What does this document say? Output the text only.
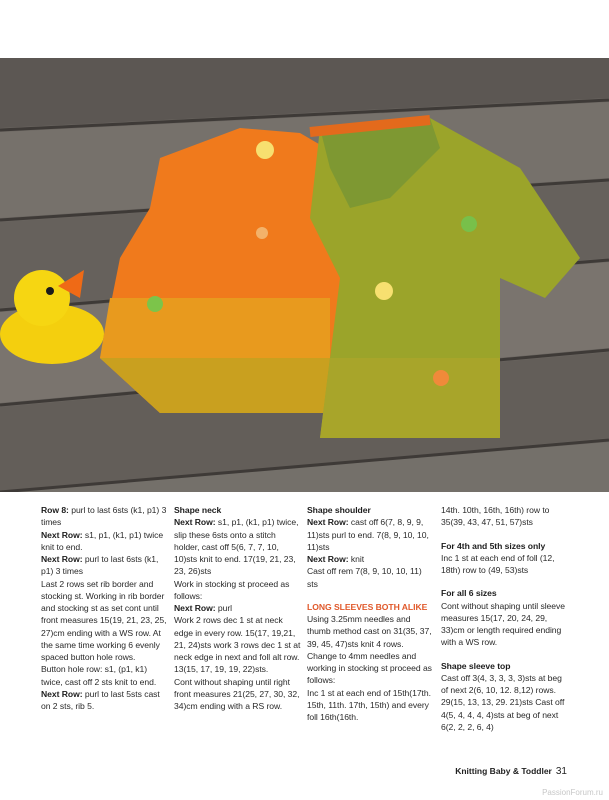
Row 8: purl to last 6sts (k1, p1) 3 times

Next Row: s1, p1, (k1, p1) twice knit to end.

Next Row: purl to last 6sts (k1, p1) 3 times

Last 2 rows set rib border and stocking st. Working in rib border and stocking st as set cont until front measures 15(19, 21, 23, 25, 27)cm ending with a WS row. At the same time working 6 evenly spaced button hole rows.

Button hole row: s1, (p1, k1) twice, cast off 2 sts knit to end.

Next Row: purl to last 5sts cast on 2 sts, rib 5.

Shape neck

Next Row: s1, p1, (k1, p1) twice, slip these 6sts onto a stitch holder, cast off 5(6, 7, 7, 10, 10)sts knit to end. 17(19, 21, 23, 23, 26)sts

Work in stocking st proceed as follows:

Next Row: purl

Work 2 rows dec 1 st at neck edge in every row. 15(17, 19,21, 21, 24)sts work 3 rows dec 1 st at neck edge in next and foll alt row. 13(15, 17, 19, 19, 22)sts.

Cont without shaping until right front measures 21(25, 27, 30, 32, 34)cm ending with a RS row.

Shape shoulder

Next Row: cast off 6(7, 8, 9, 9, 11)sts purl to end. 7(8, 9, 10, 10, 11)sts

Next Row: knit

Cast off rem 7(8, 9, 10, 10, 11) sts

LONG SLEEVES BOTH ALIKE

Using 3.25mm needles and thumb method cast on 31(35, 37, 39, 45, 47)sts knit 4 rows. Change to 4mm needles and working in stocking st proceed as follows:

Inc 1 st at each end of 15th(17th. 15th, 11th. 17th, 15th) and every foll 16th(16th.

14th. 10th, 16th, 16th) row to 35(39, 43, 47, 51, 57)sts

For 4th and 5th sizes only

Inc 1 st at each end of foll (12, 18th) row to (49, 53)sts

For all 6 sizes

Cont without shaping until sleeve measures 15(17, 20, 24, 29, 33)cm or length required ending with a WS row.

Shape sleeve top

Cast off 3(4, 3, 3, 3, 3)sts at beg of next 2(6, 10, 12. 8,12) rows. 29(15, 13, 13, 29. 21)sts Cast off 4(5, 4, 4, 4, 4)sts at beg of next 6(2, 2, 2, 6, 4)

Knitting Baby & Toddler 31
PassionForum.ru
